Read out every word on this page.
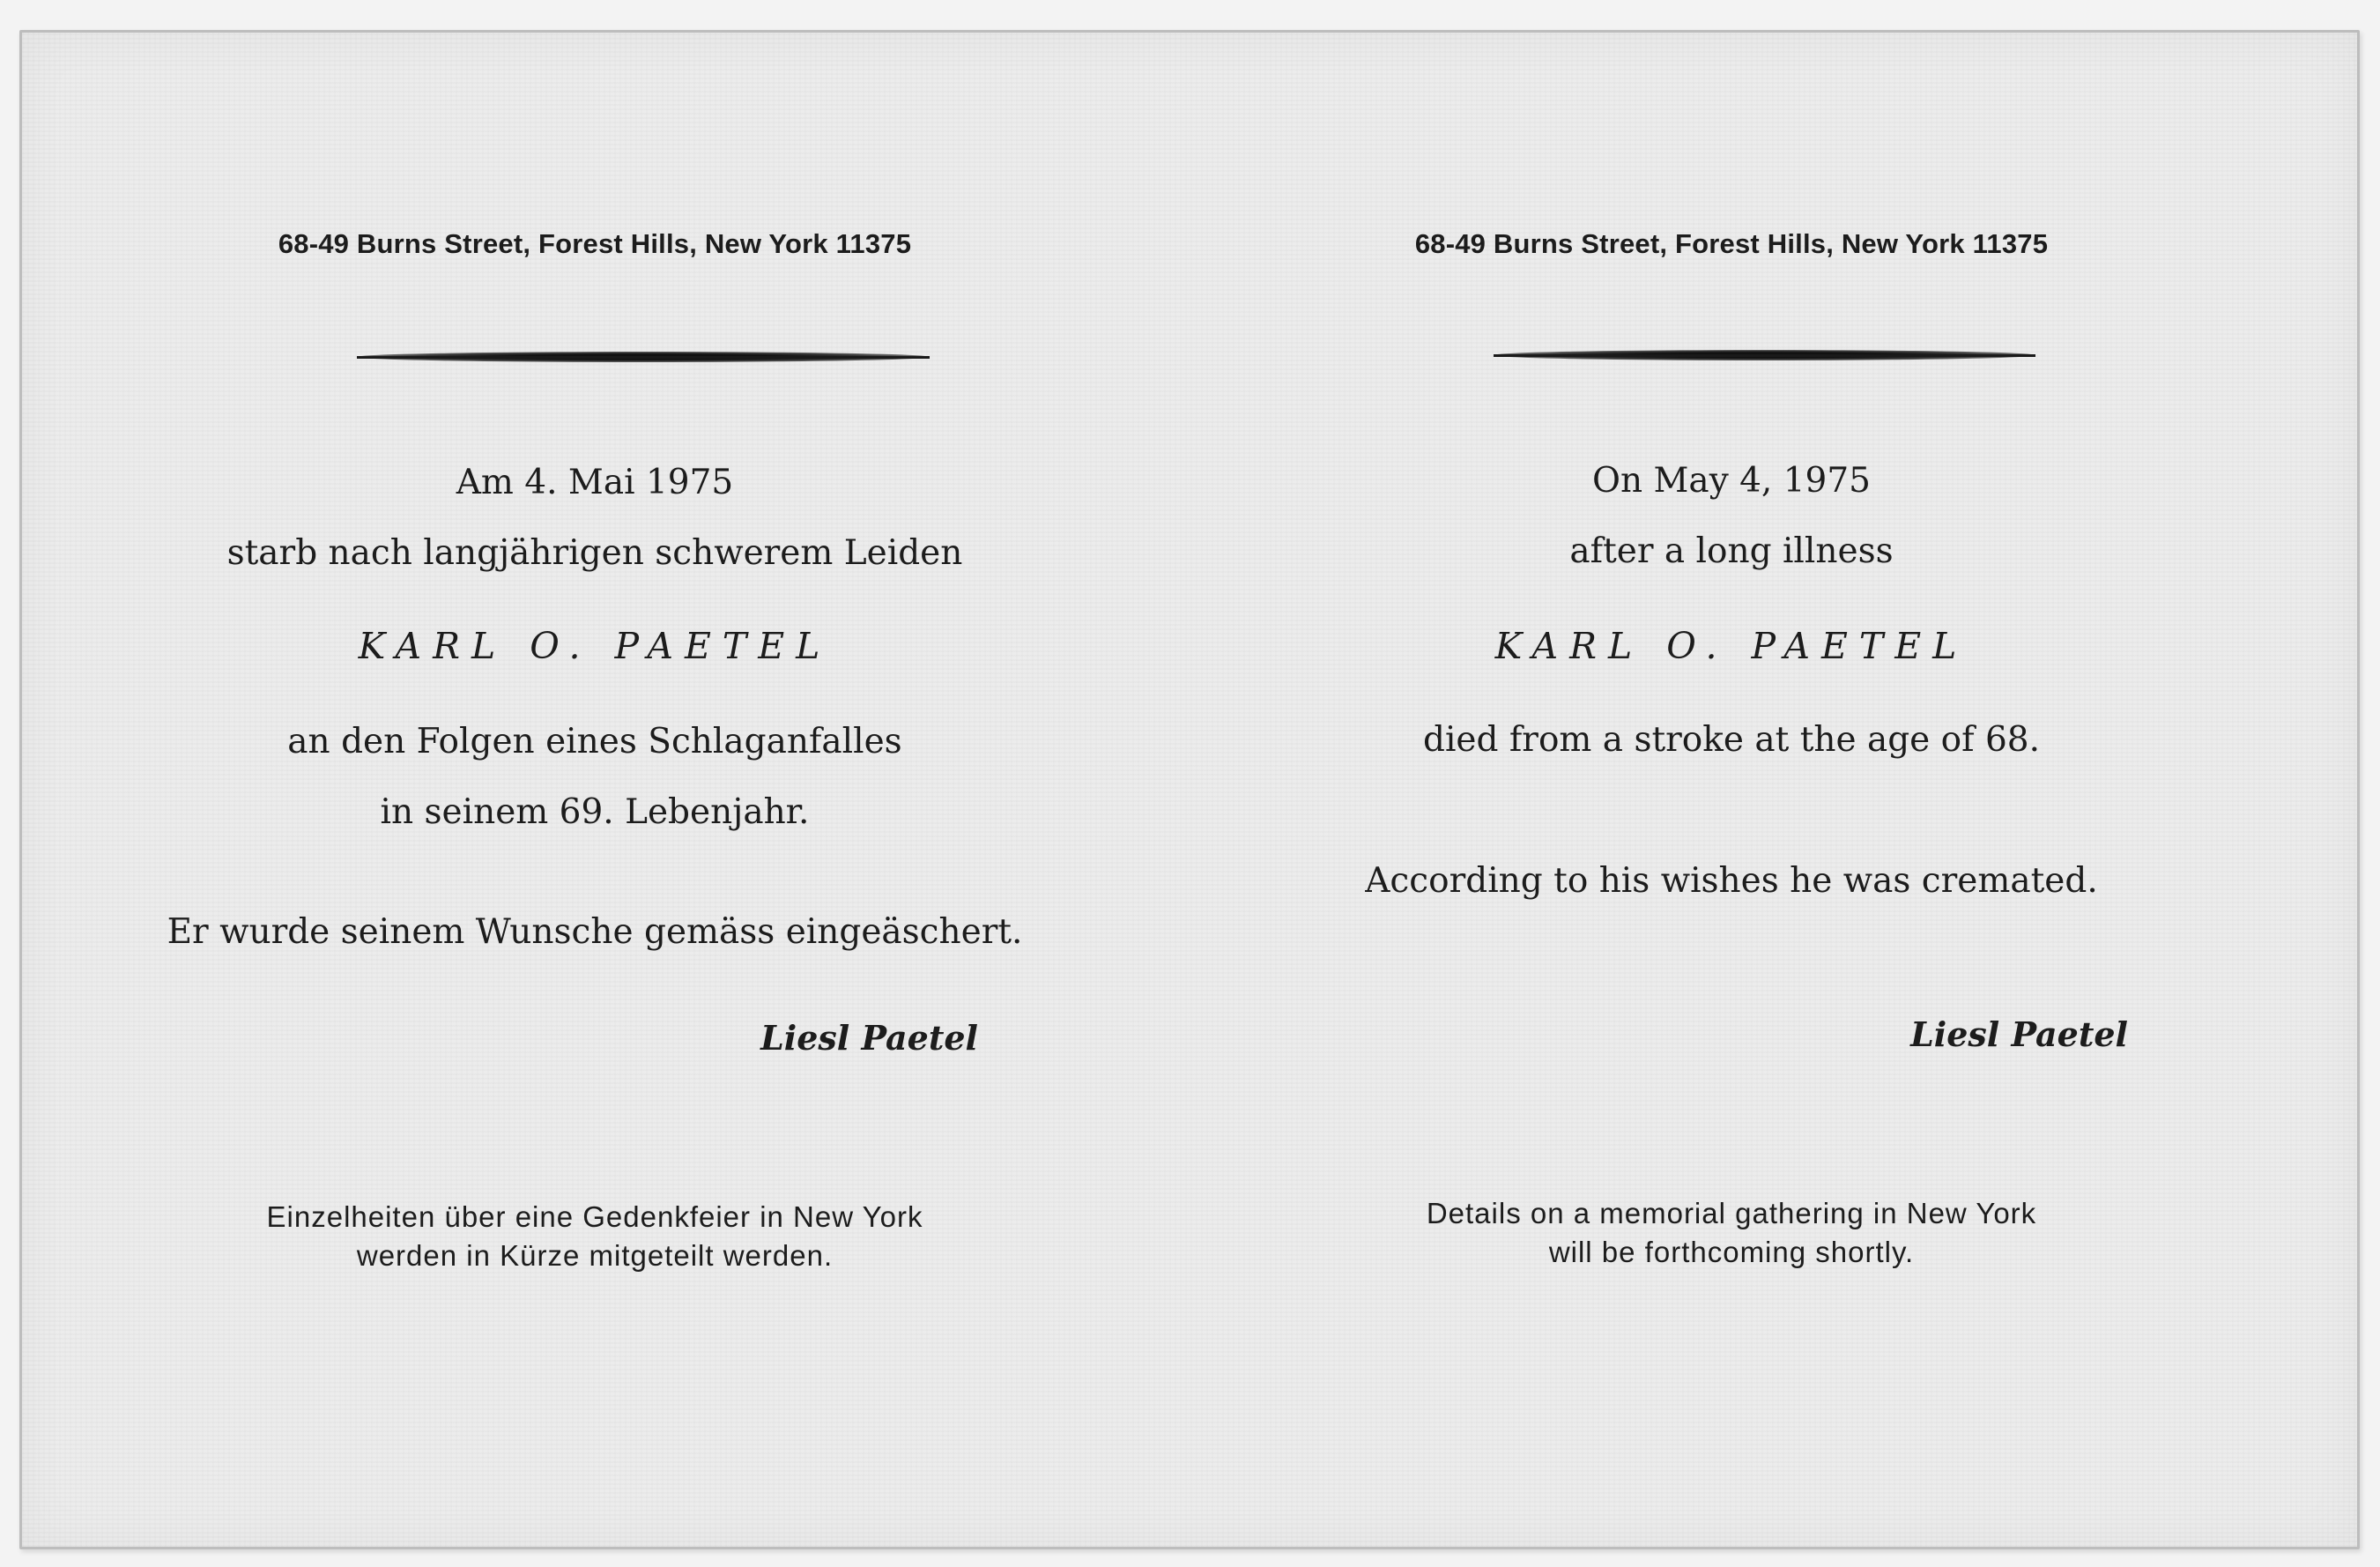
68-49 Burns Street, Forest Hills, New York 11375
Am 4. Mai 1975
starb nach langjährigen schwerem Leiden
KARL O. PAETEL
an den Folgen eines Schlaganfalles
in seinem 69. Lebenjahr.
Er wurde seinem Wunsche gemäss eingeäschert.
Liesl Paetel
Einzelheiten über eine Gedenkfeier in New York
werden in Kürze mitgeteilt werden.
68-49 Burns Street, Forest Hills, New York 11375
On May 4, 1975
after a long illness
KARL O. PAETEL
died from a stroke at the age of 68.
According to his wishes he was cremated.
Liesl Paetel
Details on a memorial gathering in New York
will be forthcoming shortly.
